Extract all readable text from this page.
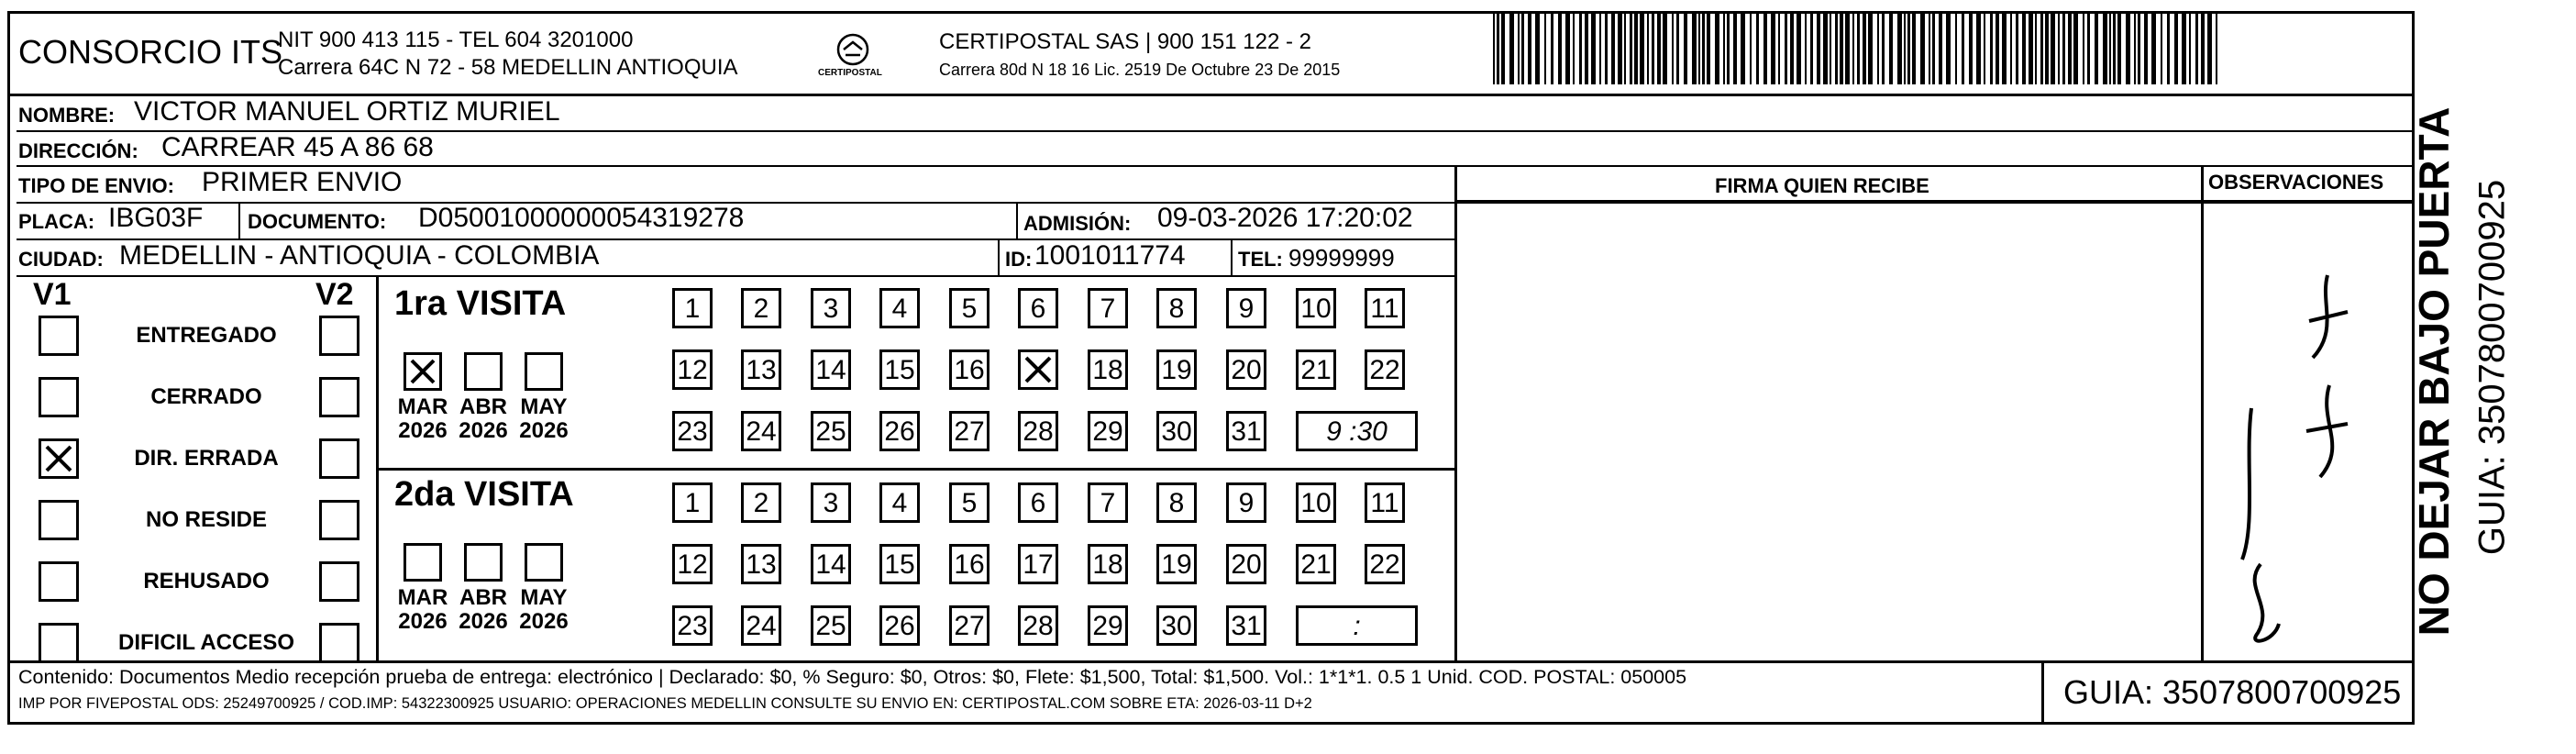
CONSORCIO ITS
NIT 900 413 115 - TEL 604 3201000
Carrera 64C N 72 - 58 MEDELLIN ANTIOQUIA	CERTIPOSTAL
CERTIPOSTAL SAS | 900 151 122 - 2
Carrera 80d N 18 16 Lic. 2519 De Octubre 23 De 2015
NOMBRE: VICTOR MANUEL ORTIZ MURIEL
DIRECCIÓN: CARREAR 45 A 86 68
TIPO DE ENVIO: PRIMER ENVIO
PLACA: IBG03F DOCUMENTO: D05001000000054319278	ADMISIÓN: 09-03-2026 17:20:02
CIUDAD: MEDELLIN - ANTIOQUIA - COLOMBIA	ID: 1001011774	TEL: 99999999
FIRMA QUIEN RECIBE	OBSERVACIONES
V1	V2 1ra VISITA
2da VISITA
Contenido: Documentos Medio recepción prueba de entrega: electrónico | Declarado: $0, % Seguro: $0, Otros: $0, Flete: $1,500, Total: $1,500. Vol.: 1*1*1. 0.5 1 Unid. COD. POSTAL: 050005
IMP POR FIVEPOSTAL ODS: 25249700925 / COD.IMP: 54322300925 USUARIO: OPERACIONES MEDELLIN CONSULTE SU ENVIO EN: CERTIPOSTAL.COM SOBRE ETA: 2026-03-11 D+2	GUIA: 3507800700925
NO DEJAR BAJO PUERTA GUIA: 3507800700925
ENTREGADO
CERRADO
DIR. ERRADA
NO RESIDE
REHUSADO
DIFICIL ACCESO
MAR
2026
ABR
2026
MAY
2026
MAR
2026
ABR
2026
MAY
2026
1	2	3	4	5	6	7	8	9	10 11
12 13 14 15 16	18 19 20 21 22
23 24 25 26 27 28 29 30 31	9 :30
1	2	3	4	5	6	7	8	9	10 11
12 13 14 15 16 17 18 19 20 21 22
23 24 25 26 27 28 29 30 31	:
